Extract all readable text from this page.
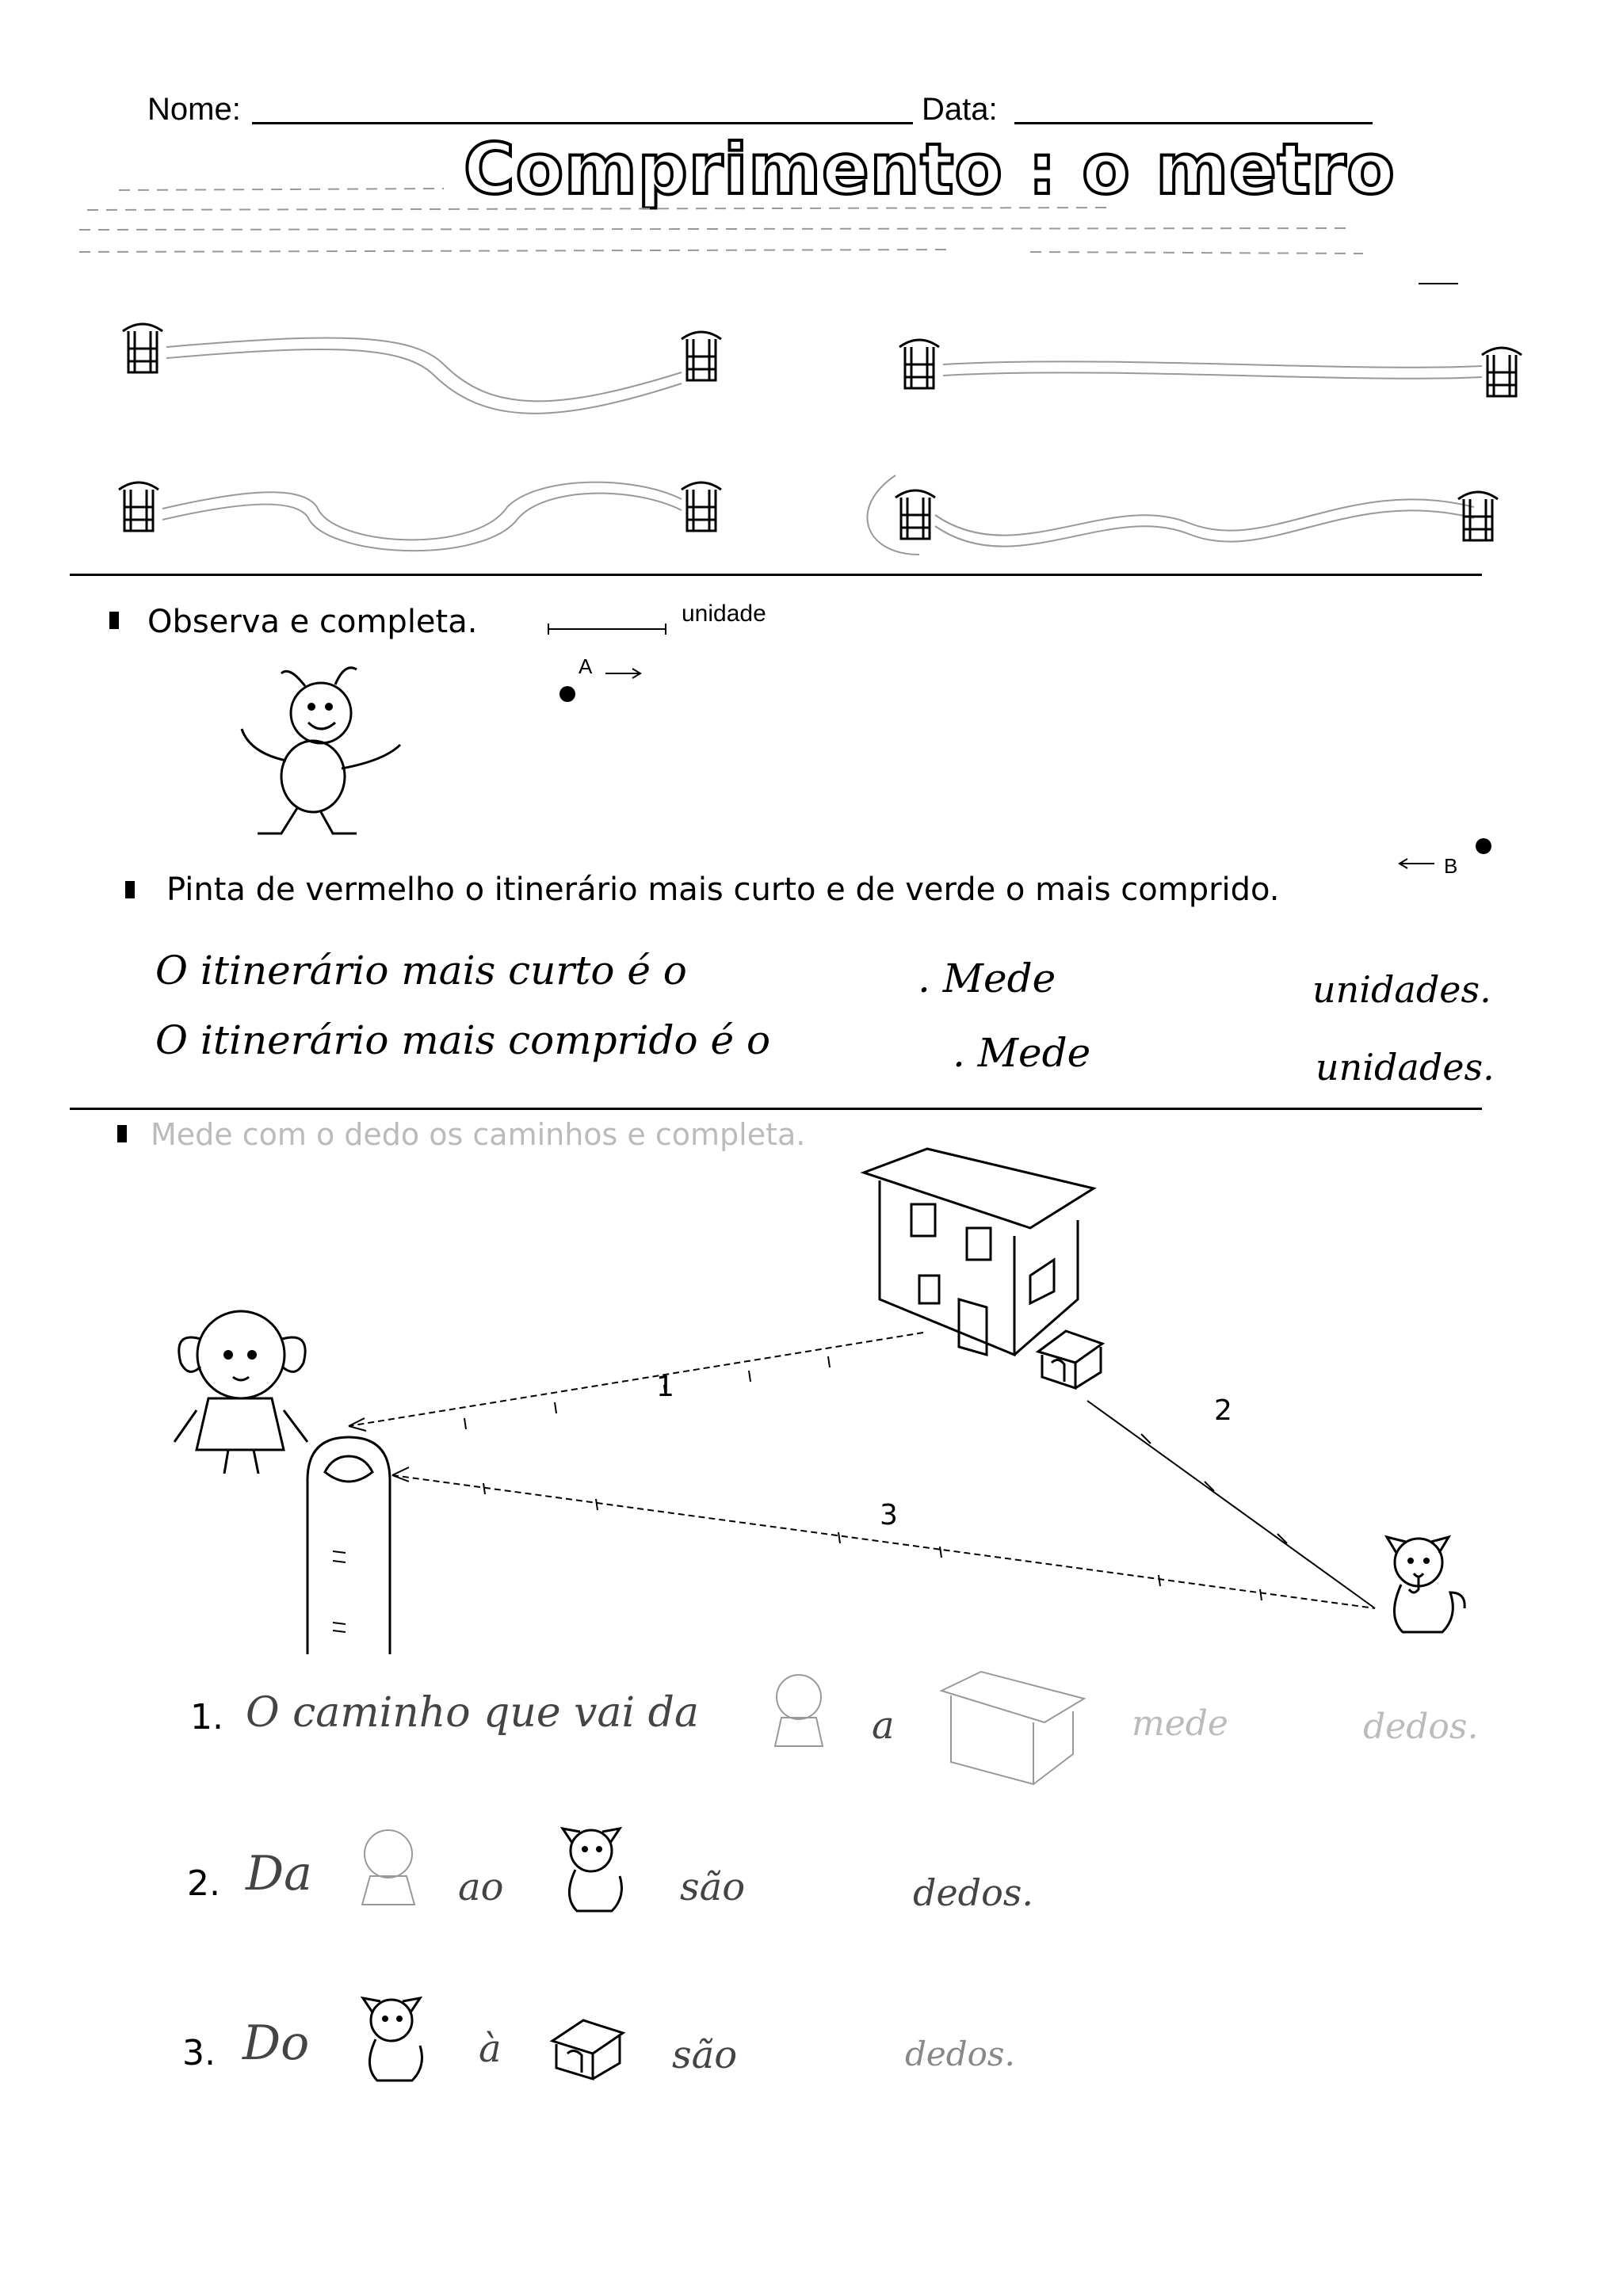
Nome:	Data:
Comprimento : o metro
Observa e completa.	unidade
A
B
Pinta de vermelho o itinerário mais curto e de verde o mais comprido.
O itinerário mais curto é o	. Mede	unidades.
O itinerário mais comprido é o	. Mede	unidades.
Mede com o dedo os caminhos e completa.
1
2
3
1. O caminho que vai da	a	mede	dedos.
2. Da	ao	são	dedos.
3. Do	à	são	dedos.
